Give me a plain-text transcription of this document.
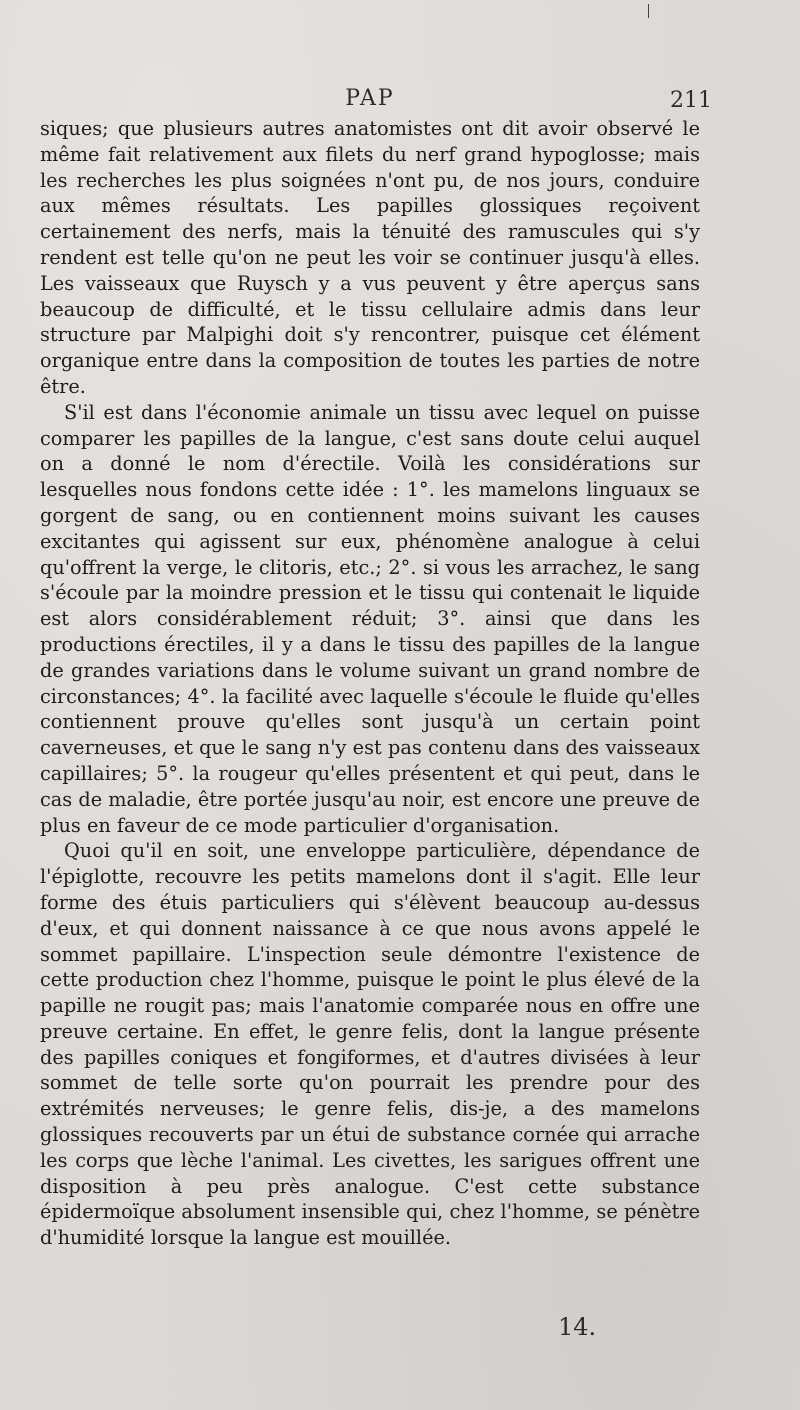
PAP	211

siques; que plusieurs autres anatomistes ont dit avoir observé le même fait relativement aux filets du nerf grand hypoglosse; mais les recherches les plus soignées n'ont pu, de nos jours, conduire aux mêmes résultats. Les papilles glossiques reçoivent certainement des nerfs, mais la ténuité des ramuscules qui s'y rendent est telle qu'on ne peut les voir se continuer jusqu'à elles. Les vaisseaux que Ruysch y a vus peuvent y être aperçus sans beaucoup de difficulté, et le tissu cellulaire admis dans leur structure par Malpighi doit s'y rencontrer, puisque cet élément organique entre dans la composition de toutes les parties de notre être.

S'il est dans l'économie animale un tissu avec lequel on puisse comparer les papilles de la langue, c'est sans doute celui auquel on a donné le nom d'érectile. Voilà les considérations sur lesquelles nous fondons cette idée : 1°. les mamelons linguaux se gorgent de sang, ou en contiennent moins suivant les causes excitantes qui agissent sur eux, phénomène analogue à celui qu'offrent la verge, le clitoris, etc.; 2°. si vous les arrachez, le sang s'écoule par la moindre pression et le tissu qui contenait le liquide est alors considérablement réduit; 3°. ainsi que dans les productions érectiles, il y a dans le tissu des papilles de la langue de grandes variations dans le volume suivant un grand nombre de circonstances; 4°. la facilité avec laquelle s'écoule le fluide qu'elles contiennent prouve qu'elles sont jusqu'à un certain point caverneuses, et que le sang n'y est pas contenu dans des vaisseaux capillaires; 5°. la rougeur qu'elles présentent et qui peut, dans le cas de maladie, être portée jusqu'au noir, est encore une preuve de plus en faveur de ce mode particulier d'organisation.

Quoi qu'il en soit, une enveloppe particulière, dépendance de l'épiglotte, recouvre les petits mamelons dont il s'agit. Elle leur forme des étuis particuliers qui s'élèvent beaucoup au-dessus d'eux, et qui donnent naissance à ce que nous avons appelé le sommet papillaire. L'inspection seule démontre l'existence de cette production chez l'homme, puisque le point le plus élevé de la papille ne rougit pas; mais l'anatomie comparée nous en offre une preuve certaine. En effet, le genre felis, dont la langue présente des papilles coniques et fongiformes, et d'autres divisées à leur sommet de telle sorte qu'on pourrait les prendre pour des extrémités nerveuses; le genre felis, dis-je, a des mamelons glossiques recouverts par un étui de substance cornée qui arrache les corps que lèche l'animal. Les civettes, les sarigues offrent une disposition à peu près analogue. C'est cette substance épidermoïque absolument insensible qui, chez l'homme, se pénètre d'humidité lorsque la langue est mouillée.

14.
